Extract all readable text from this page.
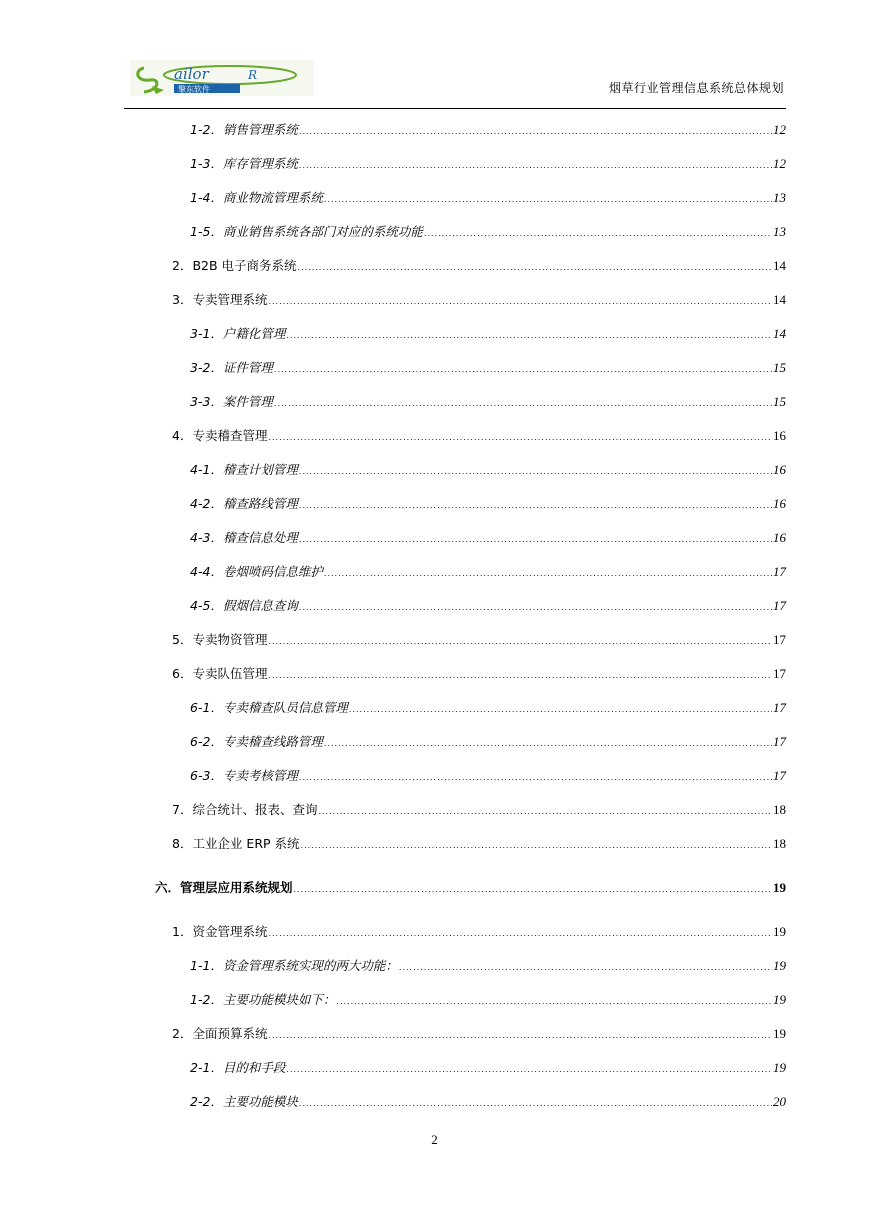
ailor	R
擎东软件	烟草行业管理信息系统总体规划
1-2．销售管理系统 .....	12
1-3．库存管理系统 .....	12
1-4．商业物流管理系统 .....	13
1-5．商业销售系统各部门对应的系统功能 .....	13
2．B2B 电子商务系统 .....	14
3．专卖管理系统 .....	14
3-1．户籍化管理 .....	14
3-2．证件管理 .....	15
3-3．案件管理 .....	15
4．专卖稽查管理 .....	16
4-1．稽查计划管理 .....	16
4-2．稽查路线管理 .....	16
4-3．稽查信息处理 .....	16
4-4．卷烟喷码信息维护 .....	17
4-5．假烟信息查询 .....	17
5．专卖物资管理 .....	17
6．专卖队伍管理 .....	17
6-1．专卖稽查队员信息管理 .....	17
6-2．专卖稽查线路管理 .....	17
6-3．专卖考核管理 .....	17
7．综合统计、报表、查询 .....	18
8．工业企业 ERP 系统 .....	18
六．管理层应用系统规划 .....	19
1．资金管理系统 .....	19
1-1．资金管理系统实现的两大功能： .....	19
1-2．主要功能模块如下： .....	19
2．全面预算系统 .....	19
2-1．目的和手段 .....	19
2-2．主要功能模块 .....	20
2
